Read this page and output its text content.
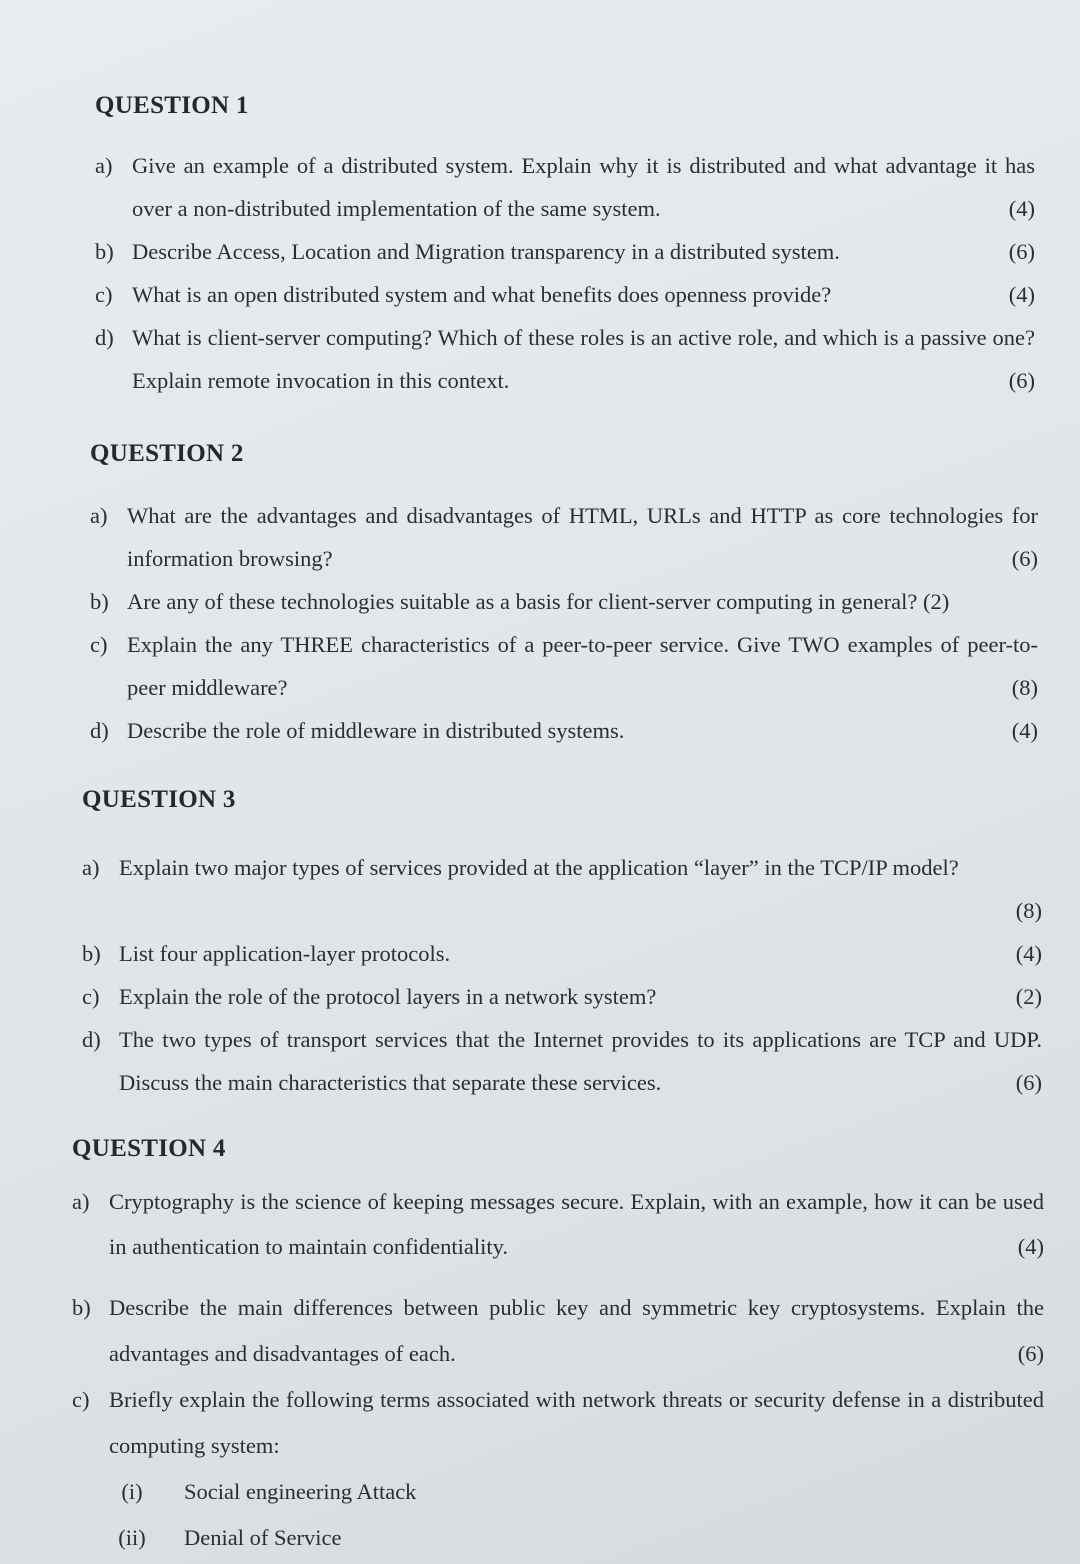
QUESTION 1
a) Give an example of a distributed system. Explain why it is distributed and what advantage it has over a non-distributed implementation of the same system.	(4)
b) Describe Access, Location and Migration transparency in a distributed system.	(6)
c) What is an open distributed system and what benefits does openness provide?	(4)
d) What is client-server computing? Which of these roles is an active role, and which is a passive one? Explain remote invocation in this context.	(6)
QUESTION 2
a) What are the advantages and disadvantages of HTML, URLs and HTTP as core technologies for information browsing?	(6)
b) Are any of these technologies suitable as a basis for client-server computing in general? (2)
c) Explain the any THREE characteristics of a peer-to-peer service. Give TWO examples of peer-to- peer middleware?	(8)
d) Describe the role of middleware in distributed systems.	(4)
QUESTION 3
a) Explain two major types of services provided at the application “layer” in the TCP/IP model?
(8)
b) List four application-layer protocols.	(4)
c) Explain the role of the protocol layers in a network system?	(2)
d) The two types of transport services that the Internet provides to its applications are TCP and UDP. Discuss the main characteristics that separate these services.	(6)
QUESTION 4
a) Cryptography is the science of keeping messages secure. Explain, with an example, how it can be used in authentication to maintain confidentiality.	(4)
b) Describe the main differences between public key and symmetric key cryptosystems. Explain the advantages and disadvantages of each.	(6)
c) Briefly explain the following terms associated with network threats or security defense in a distributed computing system:
(i)	Social engineering Attack
(ii) Denial of Service
